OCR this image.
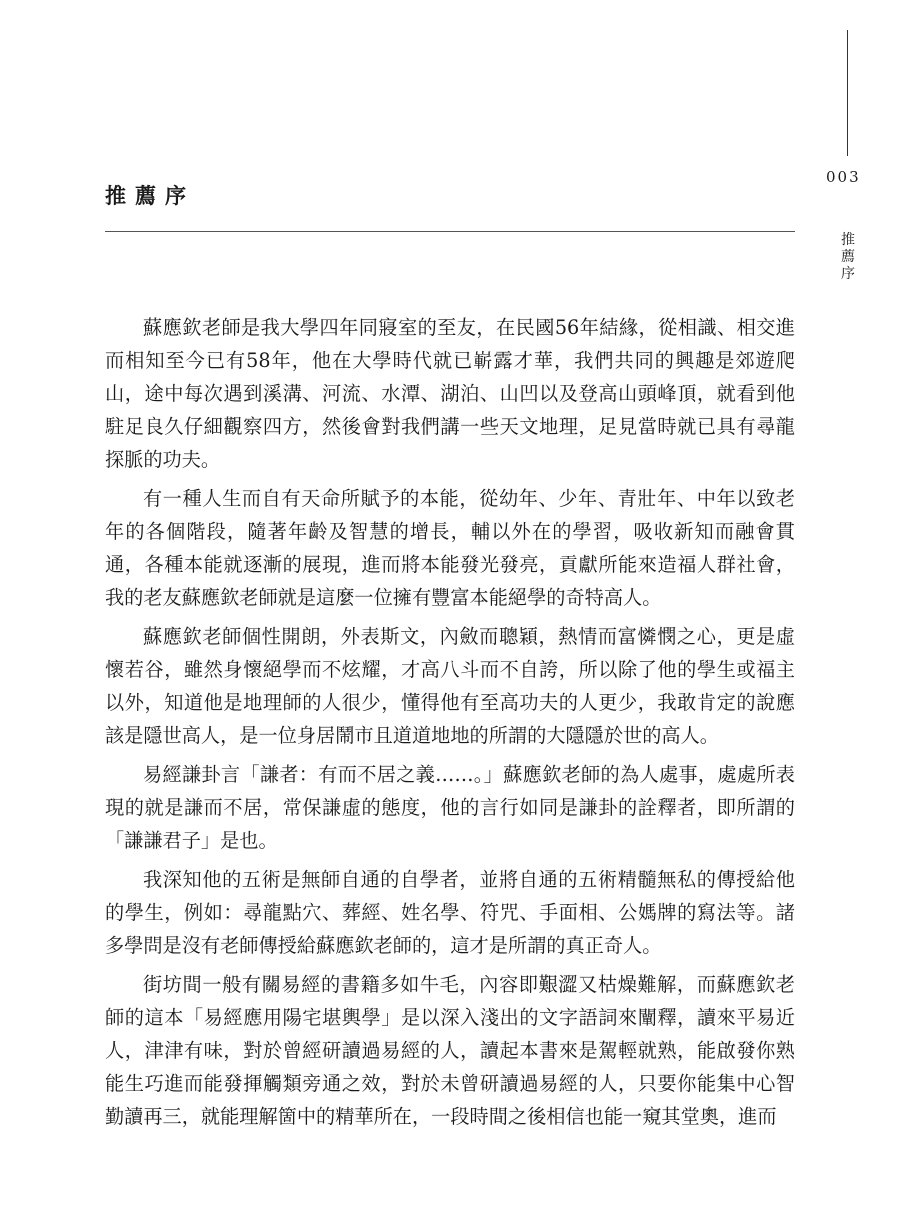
003
推薦序
推薦序

蘇應欽老師是我大學四年同寢室的至友，在民國56年結緣，從相識、相交進而相知至今已有58年，他在大學時代就已嶄露才華，我們共同的興趣是郊遊爬山，途中每次遇到溪溝、河流、水潭、湖泊、山凹以及登高山頭峰頂，就看到他駐足良久仔細觀察四方，然後會對我們講一些天文地理，足見當時就已具有尋龍探脈的功夫。

有一種人生而自有天命所賦予的本能，從幼年、少年、青壯年、中年以致老年的各個階段，隨著年齡及智慧的增長，輔以外在的學習，吸收新知而融會貫通，各種本能就逐漸的展現，進而將本能發光發亮，貢獻所能來造福人群社會，我的老友蘇應欽老師就是這麼一位擁有豐富本能絕學的奇特高人。

蘇應欽老師個性開朗，外表斯文，內斂而聰穎，熱情而富憐憫之心，更是虛懷若谷，雖然身懷絕學而不炫耀，才高八斗而不自誇，所以除了他的學生或福主以外，知道他是地理師的人很少，懂得他有至高功夫的人更少，我敢肯定的說應該是隱世高人，是一位身居鬧市且道道地地的所謂的大隱隱於世的高人。

易經謙卦言「謙者：有而不居之義……。」蘇應欽老師的為人處事，處處所表現的就是謙而不居，常保謙虛的態度，他的言行如同是謙卦的詮釋者，即所謂的「謙謙君子」是也。

我深知他的五術是無師自通的自學者，並將自通的五術精髓無私的傳授給他的學生，例如：尋龍點穴、葬經、姓名學、符咒、手面相、公媽牌的寫法等。諸多學問是沒有老師傳授給蘇應欽老師的，這才是所謂的真正奇人。

街坊間一般有關易經的書籍多如牛毛，內容即艱澀又枯燥難解，而蘇應欽老師的這本「易經應用陽宅堪輿學」是以深入淺出的文字語詞來闡釋，讀來平易近人，津津有味，對於曾經研讀過易經的人，讀起本書來是駕輕就熟，能啟發你熟能生巧進而能發揮觸類旁通之效，對於未曾研讀過易經的人，只要你能集中心智勤讀再三，就能理解箇中的精華所在，一段時間之後相信也能一窺其堂奧，進而
